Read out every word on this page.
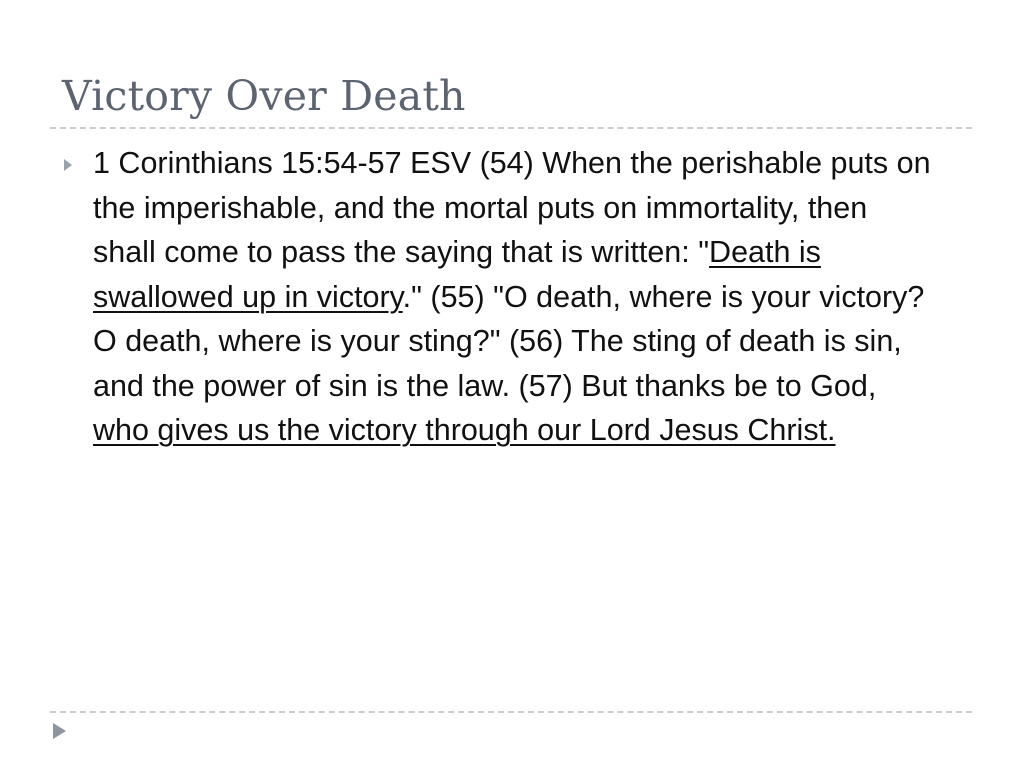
Victory Over Death
1 Corinthians 15:54-57 ESV (54) When the perishable puts on the imperishable, and the mortal puts on immortality, then shall come to pass the saying that is written: "Death is swallowed up in victory." (55) "O death, where is your victory? O death, where is your sting?" (56) The sting of death is sin, and the power of sin is the law. (57) But thanks be to God, who gives us the victory through our Lord Jesus Christ.
